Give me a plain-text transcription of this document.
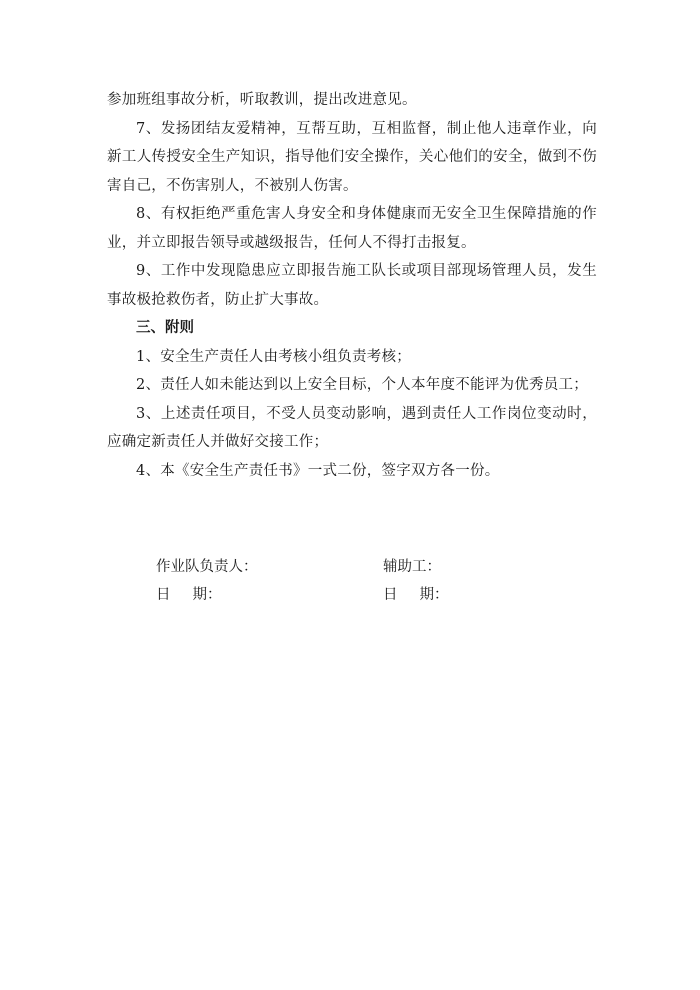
参加班组事故分析，听取教训，提出改进意见。

7、发扬团结友爱精神，互帮互助，互相监督，制止他人违章作业，向新工人传授安全生产知识，指导他们安全操作，关心他们的安全，做到不伤害自己，不伤害别人，不被别人伤害。

8、有权拒绝严重危害人身安全和身体健康而无安全卫生保障措施的作业，并立即报告领导或越级报告，任何人不得打击报复。

9、工作中发现隐患应立即报告施工队长或项目部现场管理人员，发生事故极抢救伤者，防止扩大事故。

三、附则

1、安全生产责任人由考核小组负责考核；

2、责任人如未能达到以上安全目标，个人本年度不能评为优秀员工；

3、上述责任项目，不受人员变动影响，遇到责任人工作岗位变动时，应确定新责任人并做好交接工作；

4、本《安全生产责任书》一式二份，签字双方各一份。

作业队负责人：	辅助工：
日 期：	日 期：
